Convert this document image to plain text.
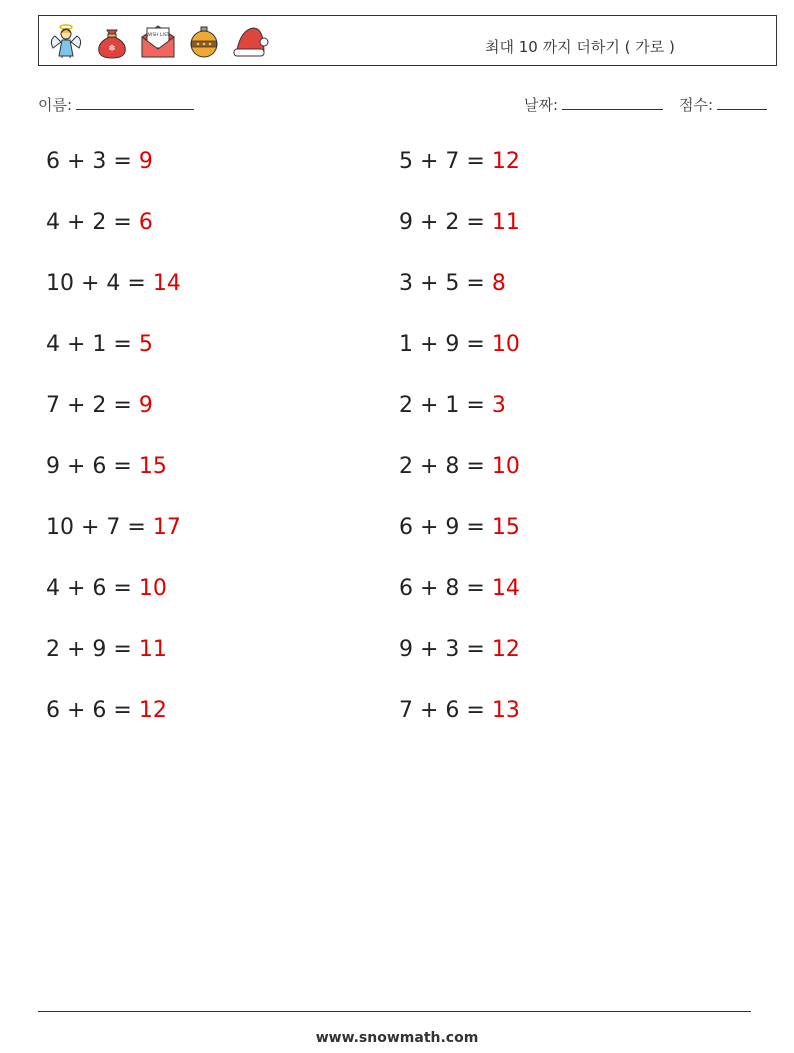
❄
WISH LIST
최대 10 까지 더하기 ( 가로 )
이름:	날짜:	점수:
6 + 3 = 9
4 + 2 = 6
10 + 4 = 14
4 + 1 = 5
7 + 2 = 9
9 + 6 = 15
10 + 7 = 17
4 + 6 = 10
2 + 9 = 11
6 + 6 = 12
5 + 7 = 12
9 + 2 = 11
3 + 5 = 8
1 + 9 = 10
2 + 1 = 3
2 + 8 = 10
6 + 9 = 15
6 + 8 = 14
9 + 3 = 12
7 + 6 = 13
www.snowmath.com
